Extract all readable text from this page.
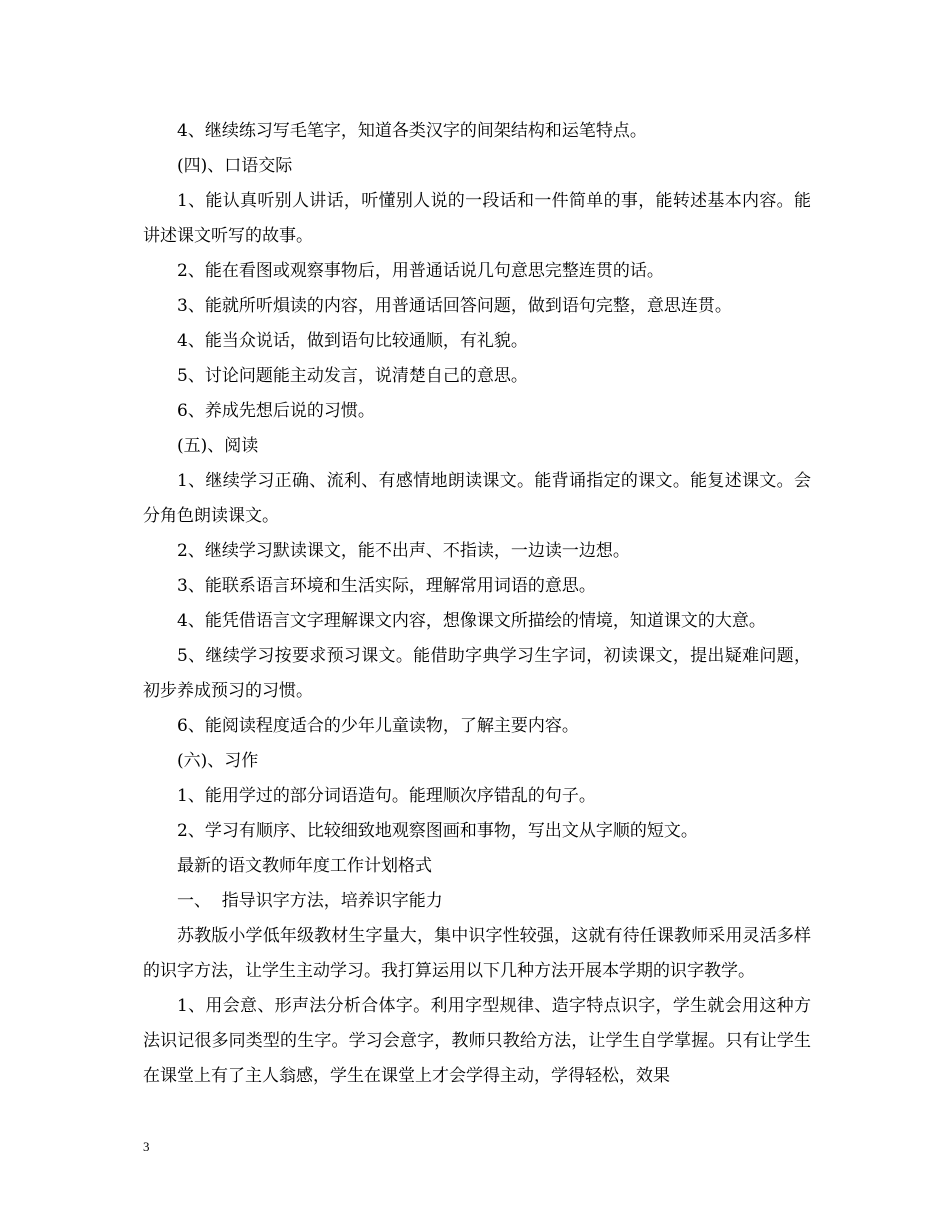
4、继续练习写毛笔字，知道各类汉字的间架结构和运笔特点。

(四)、口语交际

1、能认真听别人讲话，听懂别人说的一段话和一件简单的事，能转述基本内容。能讲述课文听写的故事。

2、能在看图或观察事物后，用普通话说几句意思完整连贯的话。

3、能就所听熉读的内容，用普通话回答问题，做到语句完整，意思连贯。

4、能当众说话，做到语句比较通顺，有礼貌。

5、讨论问题能主动发言，说清楚自己的意思。

6、养成先想后说的习惯。

(五)、阅读

1、继续学习正确、流利、有感情地朗读课文。能背诵指定的课文。能复述课文。会分角色朗读课文。

2、继续学习默读课文，能不出声、不指读，一边读一边想。

3、能联系语言环境和生活实际，理解常用词语的意思。

4、能凭借语言文字理解课文内容，想像课文所描绘的情境，知道课文的大意。

5、继续学习按要求预习课文。能借助字典学习生字词，初读课文，提出疑难问题，初步养成预习的习惯。

6、能阅读程度适合的少年儿童读物，了解主要内容。

(六)、习作

1、能用学过的部分词语造句。能理顺次序错乱的句子。

2、学习有顺序、比较细致地观察图画和事物，写出文从字顺的短文。

最新的语文教师年度工作计划格式

一、  指导识字方法，培养识字能力

苏教版小学低年级教材生字量大，集中识字性较强，这就有待任课教师采用灵活多样的识字方法，让学生主动学习。我打算运用以下几种方法开展本学期的识字教学。

1、用会意、形声法分析合体字。利用字型规律、造字特点识字，学生就会用这种方法识记很多同类型的生字。学习会意字，教师只教给方法，让学生自学掌握。只有让学生在课堂上有了主人翁感，学生在课堂上才会学得主动，学得轻松，效果

3
